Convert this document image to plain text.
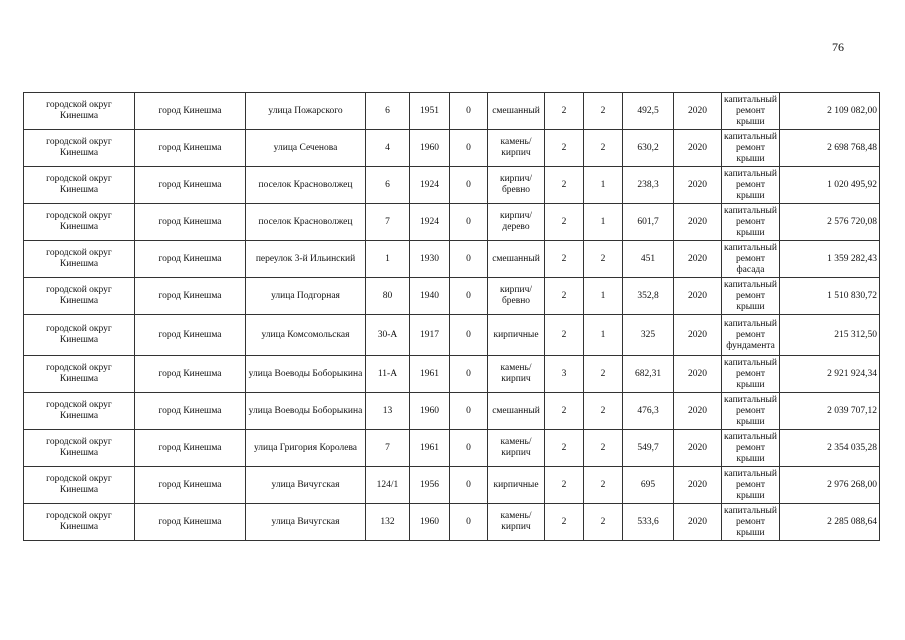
76
городской округ Кинешма	город Кинешма	улица Пожарского	6	1951	0	смешанный	2	2	492,5	2020	капитальный ремонт крыши	2 109 082,00
городской округ Кинешма	город Кинешма	улица Сеченова	4	1960	0	камень/кирпич	2	2	630,2	2020	капитальный ремонт крыши	2 698 768,48
городской округ Кинешма	город Кинешма	поселок Красноволжец	6	1924	0	кирпич/бревно	2	1	238,3	2020	капитальный ремонт крыши	1 020 495,92
городской округ Кинешма	город Кинешма	поселок Красноволжец	7	1924	0	кирпич/дерево	2	1	601,7	2020	капитальный ремонт крыши	2 576 720,08
городской округ Кинешма	город Кинешма	переулок 3-й Ильинский	1	1930	0	смешанный	2	2	451	2020	капитальный ремонт фасада	1 359 282,43
городской округ Кинешма	город Кинешма	улица Подгорная	80	1940	0	кирпич/бревно	2	1	352,8	2020	капитальный ремонт крыши	1 510 830,72
городской округ Кинешма	город Кинешма	улица Комсомольская	30-А	1917	0	кирпичные	2	1	325	2020	капитальный ремонт фундамента	215 312,50
городской округ Кинешма	город Кинешма	улица Воеводы Боборыкина	11-А	1961	0	камень/кирпич	3	2	682,31	2020	капитальный ремонт крыши	2 921 924,34
городской округ Кинешма	город Кинешма	улица Воеводы Боборыкина	13	1960	0	смешанный	2	2	476,3	2020	капитальный ремонт крыши	2 039 707,12
городской округ Кинешма	город Кинешма	улица Григория Королева	7	1961	0	камень/кирпич	2	2	549,7	2020	капитальный ремонт крыши	2 354 035,28
городской округ Кинешма	город Кинешма	улица Вичугская	124/1	1956	0	кирпичные	2	2	695	2020	капитальный ремонт крыши	2 976 268,00
городской округ Кинешма	город Кинешма	улица Вичугская	132	1960	0	камень/кирпич	2	2	533,6	2020	капитальный ремонт крыши	2 285 088,64
